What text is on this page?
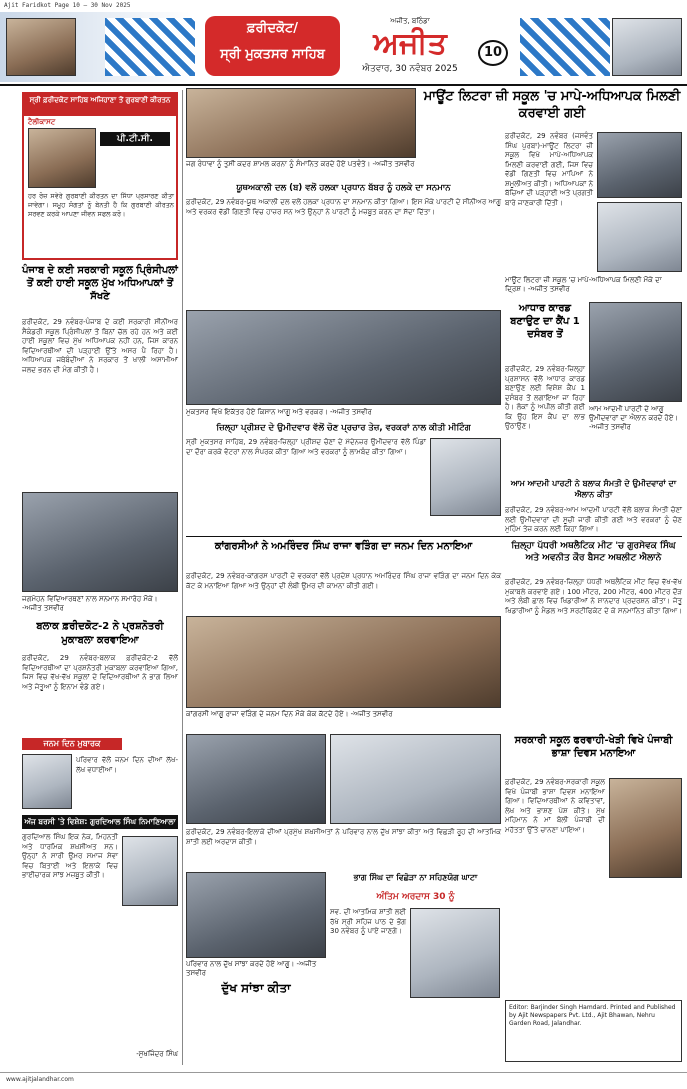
Ajit Faridkot Page 10 — 30 Nov 2025
ਫ਼ਰੀਦਕੋਟ/
ਸ੍ਰੀ ਮੁਕਤਸਰ ਸਾਹਿਬ
ਅਜੀਤ, ਬਠਿੰਡਾ
ਅਜੀਤ
ਐਤਵਾਰ, 30 ਨਵੰਬਰ 2025
10
ਸ੍ਰੀ ਫ਼ਰੀਦਕੋਟ ਸਾਹਿਬ ਅਜਿਹਾਣਾ ਤੋਂ ਗੁਰਬਾਣੀ ਕੀਰਤਨ
ਟੈਲੀਕਾਸਟ
ਪੀ.ਟੀ.ਸੀ.
ਹਰ ਰੋਜ਼ ਸਵੇਰੇ ਗੁਰਬਾਣੀ ਕੀਰਤਨ ਦਾ ਸਿੱਧਾ ਪ੍ਰਸਾਰਣ ਕੀਤਾ ਜਾਵੇਗਾ। ਸਮੂਹ ਸੰਗਤਾਂ ਨੂੰ ਬੇਨਤੀ ਹੈ ਕਿ ਗੁਰਬਾਣੀ ਕੀਰਤਨ ਸਰਵਣ ਕਰਕੇ ਆਪਣਾ ਜੀਵਨ ਸਫਲ ਕਰੋ।
ਪੰਜਾਬ ਦੇ ਕਈ ਸਰਕਾਰੀ ਸਕੂਲ ਪ੍ਰਿੰਸੀਪਲਾਂ ਤੋਂ ਕਈ ਹਾਈ ਸਕੂਲ ਮੁੱਖ ਅਧਿਆਪਕਾਂ ਤੋਂ ਸੱਖਣੇ
ਫ਼ਰੀਦਕੋਟ, 29 ਨਵੰਬਰ-ਪੰਜਾਬ ਦੇ ਕਈ ਸਰਕਾਰੀ ਸੀਨੀਅਰ ਸੈਕੰਡਰੀ ਸਕੂਲ ਪ੍ਰਿੰਸੀਪਲਾਂ ਤੋਂ ਬਿਨਾਂ ਚੱਲ ਰਹੇ ਹਨ ਅਤੇ ਕਈ ਹਾਈ ਸਕੂਲਾਂ ਵਿਚ ਮੁੱਖ ਅਧਿਆਪਕ ਨਹੀਂ ਹਨ, ਜਿਸ ਕਾਰਨ ਵਿਦਿਆਰਥੀਆਂ ਦੀ ਪੜ੍ਹਾਈ ਉੱਤੇ ਅਸਰ ਪੈ ਰਿਹਾ ਹੈ। ਅਧਿਆਪਕ ਜਥੇਬੰਦੀਆਂ ਨੇ ਸਰਕਾਰ ਤੋਂ ਖਾਲੀ ਅਸਾਮੀਆਂ ਜਲਦ ਭਰਨ ਦੀ ਮੰਗ ਕੀਤੀ ਹੈ।
ਜਗਮੋਹਨ ਵਿਦਿਆਰਥਣਾਂ ਨਾਲ ਸਨਮਾਨ ਸਮਾਰੋਹ ਮੌਕੇ। -ਅਜੀਤ ਤਸਵੀਰ
ਬਲਾਕ ਫ਼ਰੀਦਕੋਟ-2 ਨੇ ਪ੍ਰਸ਼ਨੋਤਰੀ ਮੁਕਾਬਲਾ ਕਰਵਾਇਆ
ਫ਼ਰੀਦਕੋਟ, 29 ਨਵੰਬਰ-ਬਲਾਕ ਫ਼ਰੀਦਕੋਟ-2 ਵੱਲੋਂ ਵਿਦਿਆਰਥੀਆਂ ਦਾ ਪ੍ਰਸ਼ਨੋਤਰੀ ਮੁਕਾਬਲਾ ਕਰਵਾਇਆ ਗਿਆ, ਜਿਸ ਵਿਚ ਵੱਖ-ਵੱਖ ਸਕੂਲਾਂ ਦੇ ਵਿਦਿਆਰਥੀਆਂ ਨੇ ਭਾਗ ਲਿਆ ਅਤੇ ਜੇਤੂਆਂ ਨੂੰ ਇਨਾਮ ਵੰਡੇ ਗਏ।
ਜਨਮ ਦਿਨ ਮੁਬਾਰਕ
ਪਰਿਵਾਰ ਵੱਲੋਂ ਜਨਮ ਦਿਨ ਦੀਆਂ ਲੱਖ-ਲੱਖ ਵਧਾਈਆਂ।
ਅੱਜ ਬਰਸੀ 'ਤੇ ਵਿਸ਼ੇਸ਼: ਗੁਰਦਿਆਲ ਸਿੰਘ ਨਿਮਾਣਿਆਲਾ
ਗੁਰਦਿਆਲ ਸਿੰਘ ਇਕ ਨੇਕ, ਮਿਹਨਤੀ ਅਤੇ ਧਾਰਮਿਕ ਸ਼ਖ਼ਸੀਅਤ ਸਨ। ਉਨ੍ਹਾਂ ਨੇ ਸਾਰੀ ਉਮਰ ਸਮਾਜ ਸੇਵਾ ਵਿਚ ਬਿਤਾਈ ਅਤੇ ਇਲਾਕੇ ਵਿਚ ਭਾਈਚਾਰਕ ਸਾਂਝ ਮਜ਼ਬੂਤ ਕੀਤੀ।
-ਸੁਖਜਿੰਦਰ ਸਿੰਘ
ਜਗ ਰੰਧਾਵਾ ਨੂੰ ਤੁਸੀਂ ਕਦਰ ਸ਼ਾਮਲ ਕਰਨਾ ਨੂੰ ਸੰਮਾਨਿਤ ਕਰਦੇ ਹੋਏ ਪਤਵੰਤੇ। -ਅਜੀਤ ਤਸਵੀਰ
ਯੂਥਅਕਾਲੀ ਦਲ (ਬ) ਵਲੋਂ ਹਲਕਾ ਪ੍ਰਧਾਨ ਬੱਬਰ ਨੂੰ ਹਲਕੇ ਦਾ ਸਨਮਾਨ
ਫ਼ਰੀਦਕੋਟ, 29 ਨਵੰਬਰ-ਯੂਥ ਅਕਾਲੀ ਦਲ ਵਲੋਂ ਹਲਕਾ ਪ੍ਰਧਾਨ ਦਾ ਸਨਮਾਨ ਕੀਤਾ ਗਿਆ। ਇਸ ਮੌਕੇ ਪਾਰਟੀ ਦੇ ਸੀਨੀਅਰ ਆਗੂ ਅਤੇ ਵਰਕਰ ਵੱਡੀ ਗਿਣਤੀ ਵਿਚ ਹਾਜ਼ਰ ਸਨ ਅਤੇ ਉਨ੍ਹਾਂ ਨੇ ਪਾਰਟੀ ਨੂੰ ਮਜ਼ਬੂਤ ਕਰਨ ਦਾ ਸੱਦਾ ਦਿੱਤਾ।
ਮਾਊਂਟ ਲਿਟਰਾ ਜ਼ੀ ਸਕੂਲ 'ਚ ਮਾਪੇ-ਅਧਿਆਪਕ ਮਿਲਣੀ ਕਰਵਾਈ ਗਈ
ਫ਼ਰੀਦਕੋਟ, 29 ਨਵੰਬਰ (ਜਸਵੰਤ ਸਿੰਘ ਪੁਰਬਾ)-ਮਾਊਂਟ ਲਿਟਰਾ ਜ਼ੀ ਸਕੂਲ ਵਿਖੇ ਮਾਪੇ-ਅਧਿਆਪਕ ਮਿਲਣੀ ਕਰਵਾਈ ਗਈ, ਜਿਸ ਵਿਚ ਵੱਡੀ ਗਿਣਤੀ ਵਿਚ ਮਾਪਿਆਂ ਨੇ ਸ਼ਮੂਲੀਅਤ ਕੀਤੀ। ਅਧਿਆਪਕਾਂ ਨੇ ਬੱਚਿਆਂ ਦੀ ਪੜ੍ਹਾਈ ਅਤੇ ਪ੍ਰਗਤੀ ਬਾਰੇ ਜਾਣਕਾਰੀ ਦਿੱਤੀ।
ਮਾਊਂਟ ਲਿਟਰਾ ਜ਼ੀ ਸਕੂਲ 'ਚ ਮਾਪੇ-ਅਧਿਆਪਕ ਮਿਲਣੀ ਮੌਕੇ ਦਾ ਦ੍ਰਿਸ਼। -ਅਜੀਤ ਤਸਵੀਰ
ਮੁਕਤਸਰ ਵਿਖੇ ਇਕੱਤਰ ਹੋਏ ਕਿਸਾਨ ਆਗੂ ਅਤੇ ਵਰਕਰ। -ਅਜੀਤ ਤਸਵੀਰ
ਜ਼ਿਲ੍ਹਾ ਪ੍ਰੀਸ਼ਦ ਦੇ ਉਮੀਦਵਾਰ ਵੱਲੋਂ ਚੋਣ ਪ੍ਰਚਾਰ ਤੇਜ਼, ਵਰਕਰਾਂ ਨਾਲ ਕੀਤੀ ਮੀਟਿੰਗ
ਸ੍ਰੀ ਮੁਕਤਸਰ ਸਾਹਿਬ, 29 ਨਵੰਬਰ-ਜ਼ਿਲ੍ਹਾ ਪ੍ਰੀਸ਼ਦ ਚੋਣਾਂ ਦੇ ਮੱਦੇਨਜ਼ਰ ਉਮੀਦਵਾਰ ਵੱਲੋਂ ਪਿੰਡਾਂ ਦਾ ਦੌਰਾ ਕਰਕੇ ਵੋਟਰਾਂ ਨਾਲ ਸੰਪਰਕ ਕੀਤਾ ਗਿਆ ਅਤੇ ਵਰਕਰਾਂ ਨੂੰ ਲਾਮਬੰਦ ਕੀਤਾ ਗਿਆ।
ਆਧਾਰ ਕਾਰਡ ਬਣਾਉਣ ਦਾ ਕੈਂਪ 1 ਦਸੰਬਰ ਤੋਂ
ਫ਼ਰੀਦਕੋਟ, 29 ਨਵੰਬਰ-ਜ਼ਿਲ੍ਹਾ ਪ੍ਰਸ਼ਾਸਨ ਵੱਲੋਂ ਆਧਾਰ ਕਾਰਡ ਬਣਾਉਣ ਲਈ ਵਿਸ਼ੇਸ਼ ਕੈਂਪ 1 ਦਸੰਬਰ ਤੋਂ ਲਗਾਇਆ ਜਾ ਰਿਹਾ ਹੈ। ਲੋਕਾਂ ਨੂੰ ਅਪੀਲ ਕੀਤੀ ਗਈ ਕਿ ਉਹ ਇਸ ਕੈਂਪ ਦਾ ਲਾਭ ਉਠਾਉਣ।
ਆਮ ਆਦਮੀ ਪਾਰਟੀ ਦੇ ਆਗੂ ਉਮੀਦਵਾਰਾਂ ਦਾ ਐਲਾਨ ਕਰਦੇ ਹੋਏ। -ਅਜੀਤ ਤਸਵੀਰ
ਆਮ ਆਦਮੀ ਪਾਰਟੀ ਨੇ ਬਲਾਕ ਸੰਮਤੀ ਦੇ ਉਮੀਦਵਾਰਾਂ ਦਾ ਐਲਾਨ ਕੀਤਾ
ਫ਼ਰੀਦਕੋਟ, 29 ਨਵੰਬਰ-ਆਮ ਆਦਮੀ ਪਾਰਟੀ ਵੱਲੋਂ ਬਲਾਕ ਸੰਮਤੀ ਚੋਣਾਂ ਲਈ ਉਮੀਦਵਾਰਾਂ ਦੀ ਸੂਚੀ ਜਾਰੀ ਕੀਤੀ ਗਈ ਅਤੇ ਵਰਕਰਾਂ ਨੂੰ ਚੋਣ ਮੁਹਿੰਮ ਤੇਜ਼ ਕਰਨ ਲਈ ਕਿਹਾ ਗਿਆ।
ਕਾਂਗਰਸੀਆਂ ਨੇ ਅਮਰਿੰਦਰ ਸਿੰਘ ਰਾਜਾ ਵੜਿੰਗ ਦਾ ਜਨਮ ਦਿਨ ਮਨਾਇਆ
ਫ਼ਰੀਦਕੋਟ, 29 ਨਵੰਬਰ-ਕਾਂਗਰਸ ਪਾਰਟੀ ਦੇ ਵਰਕਰਾਂ ਵੱਲੋਂ ਪ੍ਰਦੇਸ਼ ਪ੍ਰਧਾਨ ਅਮਰਿੰਦਰ ਸਿੰਘ ਰਾਜਾ ਵੜਿੰਗ ਦਾ ਜਨਮ ਦਿਨ ਕੇਕ ਕੱਟ ਕੇ ਮਨਾਇਆ ਗਿਆ ਅਤੇ ਉਨ੍ਹਾਂ ਦੀ ਲੰਬੀ ਉਮਰ ਦੀ ਕਾਮਨਾ ਕੀਤੀ ਗਈ।
ਕਾਂਗਰਸੀ ਆਗੂ ਰਾਜਾ ਵੜਿੰਗ ਦੇ ਜਨਮ ਦਿਨ ਮੌਕੇ ਕੇਕ ਕੱਟਦੇ ਹੋਏ। -ਅਜੀਤ ਤਸਵੀਰ
ਜ਼ਿਲ੍ਹਾ ਪੱਧਰੀ ਅਥਲੈਟਿਕ ਮੀਟ 'ਚ ਗੁਰਸੇਵਕ ਸਿੰਘ ਅਤੇ ਅਵਨੀਤ ਕੌਰ ਬੈਸਟ ਅਥਲੀਟ ਐਲਾਨੇ
ਫ਼ਰੀਦਕੋਟ, 29 ਨਵੰਬਰ-ਜ਼ਿਲ੍ਹਾ ਪੱਧਰੀ ਅਥਲੈਟਿਕ ਮੀਟ ਵਿਚ ਵੱਖ-ਵੱਖ ਮੁਕਾਬਲੇ ਕਰਵਾਏ ਗਏ। 100 ਮੀਟਰ, 200 ਮੀਟਰ, 400 ਮੀਟਰ ਦੌੜ ਅਤੇ ਲੰਬੀ ਛਾਲ ਵਿਚ ਖਿਡਾਰੀਆਂ ਨੇ ਸ਼ਾਨਦਾਰ ਪ੍ਰਦਰਸ਼ਨ ਕੀਤਾ। ਜੇਤੂ ਖਿਡਾਰੀਆਂ ਨੂੰ ਮੈਡਲ ਅਤੇ ਸਰਟੀਫਿਕੇਟ ਦੇ ਕੇ ਸਨਮਾਨਿਤ ਕੀਤਾ ਗਿਆ।
ਫ਼ਰੀਦਕੋਟ, 29 ਨਵੰਬਰ-ਇਲਾਕੇ ਦੀਆਂ ਪ੍ਰਮੁੱਖ ਸ਼ਖ਼ਸੀਅਤਾਂ ਨੇ ਪਰਿਵਾਰ ਨਾਲ ਦੁੱਖ ਸਾਂਝਾ ਕੀਤਾ ਅਤੇ ਵਿਛੜੀ ਰੂਹ ਦੀ ਆਤਮਿਕ ਸ਼ਾਂਤੀ ਲਈ ਅਰਦਾਸ ਕੀਤੀ।
ਭਾਗ ਸਿੰਘ ਦਾ ਵਿਛੋੜਾ ਨਾ ਸਹਿਣਯੋਗ ਘਾਟਾ
ਪਰਿਵਾਰ ਨਾਲ ਦੁੱਖ ਸਾਂਝਾ ਕਰਦੇ ਹੋਏ ਆਗੂ। -ਅਜੀਤ ਤਸਵੀਰ
ਦੁੱਖ ਸਾਂਝਾ ਕੀਤਾ
ਅੰਤਿਮ ਅਰਦਾਸ 30 ਨੂੰ
ਸਵ. ਦੀ ਆਤਮਿਕ ਸ਼ਾਂਤੀ ਲਈ ਰੱਖੇ ਸ੍ਰੀ ਸਹਿਜ ਪਾਠ ਦੇ ਭੋਗ 30 ਨਵੰਬਰ ਨੂੰ ਪਾਏ ਜਾਣਗੇ।
ਸਰਕਾਰੀ ਸਕੂਲ ਫਰਵਾਹੀ-ਖੇੜੀ ਵਿਖੇ ਪੰਜਾਬੀ ਭਾਸ਼ਾ ਦਿਵਸ ਮਨਾਇਆ
ਫ਼ਰੀਦਕੋਟ, 29 ਨਵੰਬਰ-ਸਰਕਾਰੀ ਸਕੂਲ ਵਿਖੇ ਪੰਜਾਬੀ ਭਾਸ਼ਾ ਦਿਵਸ ਮਨਾਇਆ ਗਿਆ। ਵਿਦਿਆਰਥੀਆਂ ਨੇ ਕਵਿਤਾਵਾਂ, ਲੇਖ ਅਤੇ ਭਾਸ਼ਣ ਪੇਸ਼ ਕੀਤੇ। ਮੁੱਖ ਮਹਿਮਾਨ ਨੇ ਮਾਂ ਬੋਲੀ ਪੰਜਾਬੀ ਦੀ ਮਹੱਤਤਾ ਉੱਤੇ ਚਾਨਣਾ ਪਾਇਆ।
Editor: Barjinder Singh Hamdard. Printed and Published by Ajit Newspapers Pvt. Ltd., Ajit Bhawan, Nehru Garden Road, Jalandhar.
www.ajitjalandhar.com
